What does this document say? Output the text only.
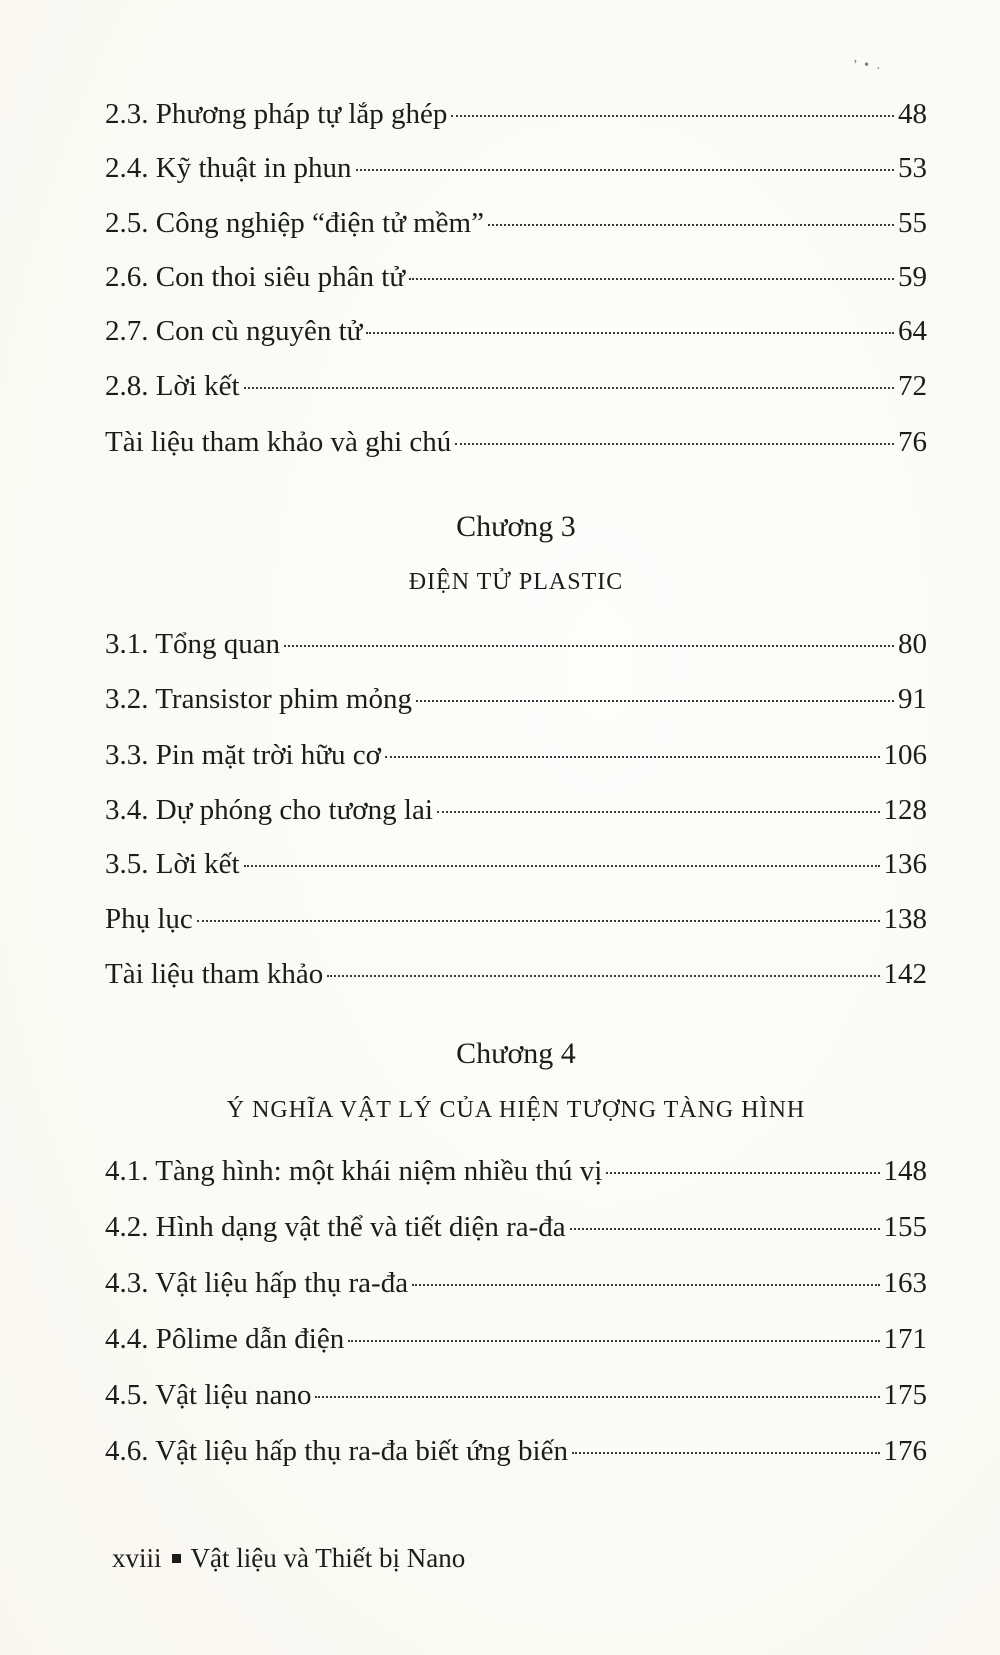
’ • .
2.3. Phương pháp tự lắp ghép	48
2.4. Kỹ thuật in phun	53
2.5. Công nghiệp “điện tử mềm”	55
2.6. Con thoi siêu phân tử	59
2.7. Con cù nguyên tử	64
2.8. Lời kết	72
Tài liệu tham khảo và ghi chú	76
Chương 3
ĐIỆN TỬ PLASTIC
3.1. Tổng quan	80
3.2. Transistor phim mỏng	91
3.3. Pin mặt trời hữu cơ	106
3.4. Dự phóng cho tương lai	128
3.5. Lời kết	136
Phụ lục	138
Tài liệu tham khảo	142
Chương 4
Ý NGHĨA VẬT LÝ CỦA HIỆN TƯỢNG TÀNG HÌNH
4.1. Tàng hình: một khái niệm nhiều thú vị	148
4.2. Hình dạng vật thể và tiết diện ra-đa	155
4.3. Vật liệu hấp thụ ra-đa	163
4.4. Pôlime dẫn điện	171
4.5. Vật liệu nano	175
4.6. Vật liệu hấp thụ ra-đa biết ứng biến	176
xviii Vật liệu và Thiết bị Nano
